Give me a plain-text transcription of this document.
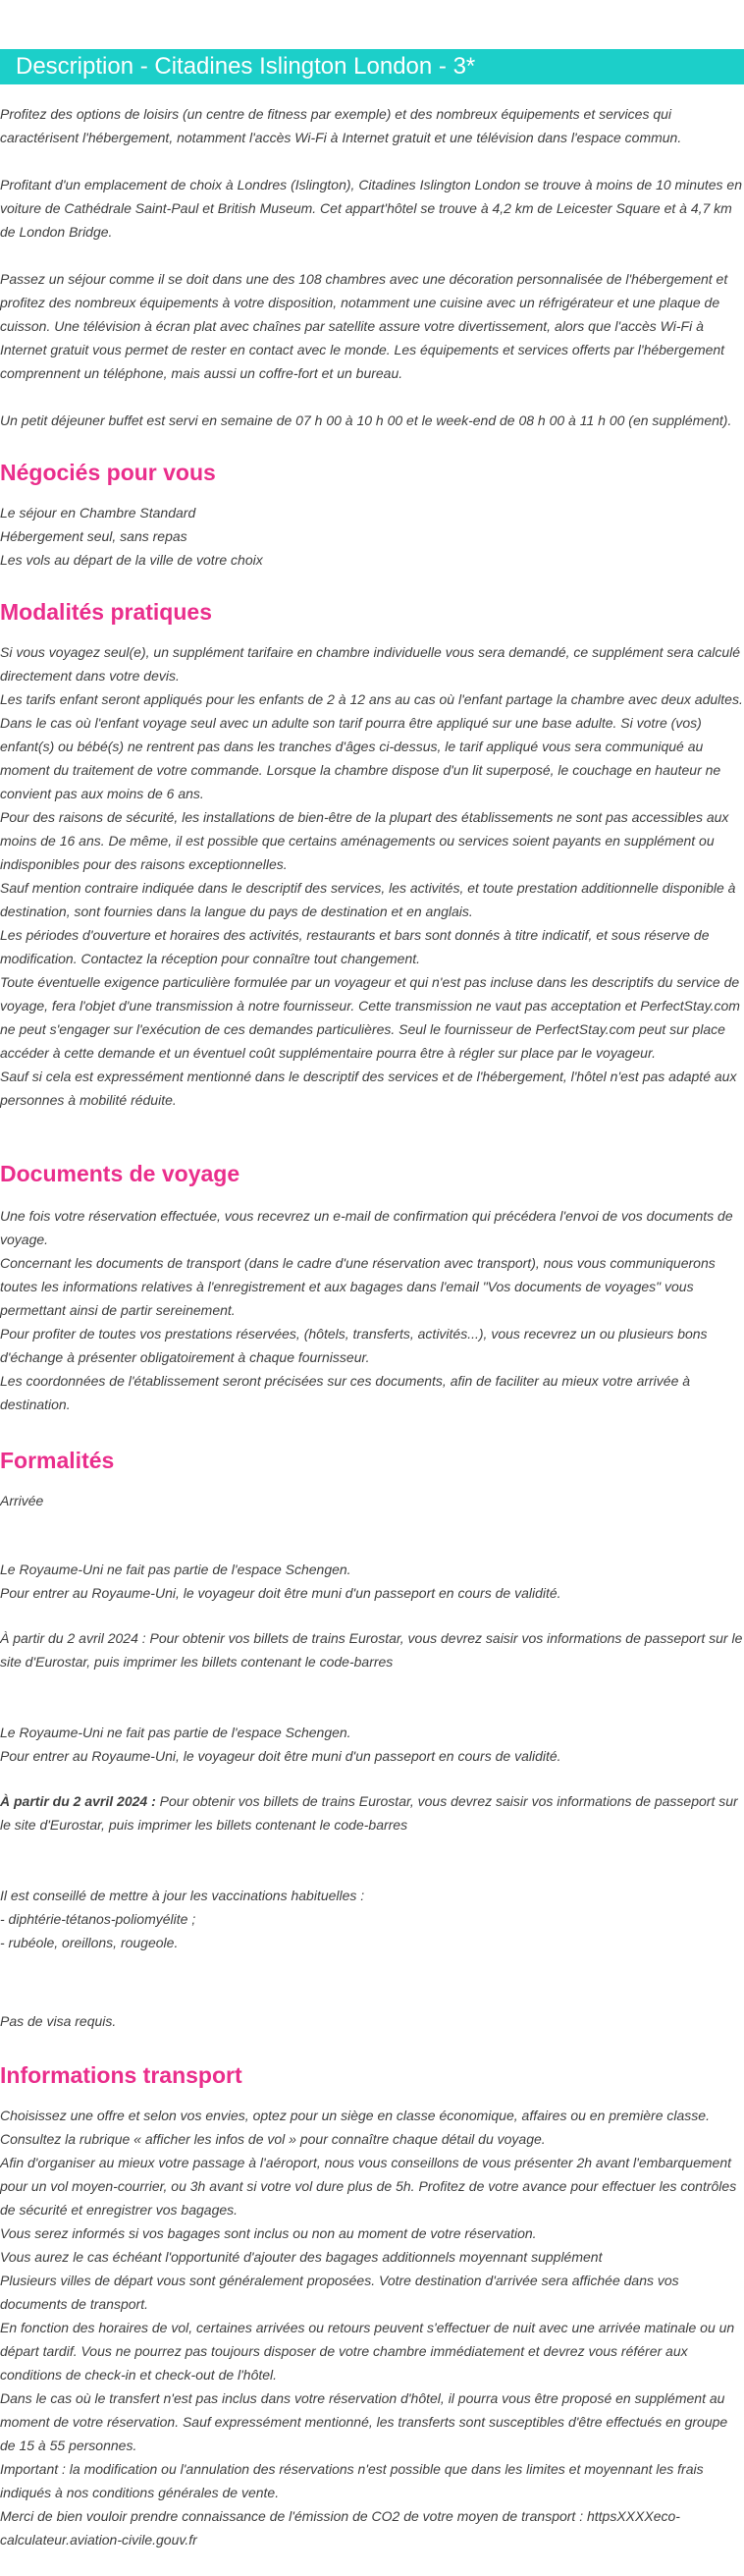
Description - Citadines Islington London - 3*

Profitez des options de loisirs (un centre de fitness par exemple) et des nombreux équipements et services qui caractérisent l'hébergement, notamment l'accès Wi-Fi à Internet gratuit et une télévision dans l'espace commun.

Profitant d'un emplacement de choix à Londres (Islington), Citadines Islington London se trouve à moins de 10 minutes en voiture de Cathédrale Saint-Paul et British Museum. Cet appart'hôtel se trouve à 4,2 km de Leicester Square et à 4,7 km de London Bridge.

Passez un séjour comme il se doit dans une des 108 chambres avec une décoration personnalisée de l'hébergement et profitez des nombreux équipements à votre disposition, notamment une cuisine avec un réfrigérateur et une plaque de cuisson. Une télévision à écran plat avec chaînes par satellite assure votre divertissement, alors que l'accès Wi-Fi à Internet gratuit vous permet de rester en contact avec le monde. Les équipements et services offerts par l'hébergement comprennent un téléphone, mais aussi un coffre-fort et un bureau.

Un petit déjeuner buffet est servi en semaine de 07 h 00 à 10 h 00 et le week-end de 08 h 00 à 11 h 00 (en supplément).

Négociés pour vous

Le séjour en Chambre Standard
Hébergement seul, sans repas
Les vols au départ de la ville de votre choix

Modalités pratiques

Si vous voyagez seul(e), un supplément tarifaire en chambre individuelle vous sera demandé, ce supplément sera calculé directement dans votre devis.
Les tarifs enfant seront appliqués pour les enfants de 2 à 12 ans au cas où l'enfant partage la chambre avec deux adultes. Dans le cas où l'enfant voyage seul avec un adulte son tarif pourra être appliqué sur une base adulte. Si votre (vos) enfant(s) ou bébé(s) ne rentrent pas dans les tranches d'âges ci-dessus, le tarif appliqué vous sera communiqué au moment du traitement de votre commande. Lorsque la chambre dispose d'un lit superposé, le couchage en hauteur ne convient pas aux moins de 6 ans.
Pour des raisons de sécurité, les installations de bien-être de la plupart des établissements ne sont pas accessibles aux moins de 16 ans. De même, il est possible que certains aménagements ou services soient payants en supplément ou indisponibles pour des raisons exceptionnelles.
Sauf mention contraire indiquée dans le descriptif des services, les activités, et toute prestation additionnelle disponible à destination, sont fournies dans la langue du pays de destination et en anglais.
Les périodes d'ouverture et horaires des activités, restaurants et bars sont donnés à titre indicatif, et sous réserve de modification. Contactez la réception pour connaître tout changement.
Toute éventuelle exigence particulière formulée par un voyageur et qui n'est pas incluse dans les descriptifs du service de voyage, fera l'objet d'une transmission à notre fournisseur. Cette transmission ne vaut pas acceptation et PerfectStay.com ne peut s'engager sur l'exécution de ces demandes particulières. Seul le fournisseur de PerfectStay.com peut sur place accéder à cette demande et un éventuel coût supplémentaire pourra être à régler sur place par le voyageur.
Sauf si cela est expressément mentionné dans le descriptif des services et de l'hébergement, l'hôtel n'est pas adapté aux personnes à mobilité réduite.

Documents de voyage

Une fois votre réservation effectuée, vous recevrez un e-mail de confirmation qui précédera l'envoi de vos documents de voyage.
Concernant les documents de transport (dans le cadre d'une réservation avec transport), nous vous communiquerons toutes les informations relatives à l'enregistrement et aux bagages dans l'email "Vos documents de voyages" vous permettant ainsi de partir sereinement.
Pour profiter de toutes vos prestations réservées, (hôtels, transferts, activités...), vous recevrez un ou plusieurs bons d'échange à présenter obligatoirement à chaque fournisseur.
Les coordonnées de l'établissement seront précisées sur ces documents, afin de faciliter au mieux votre arrivée à destination.

Formalités

Arrivée

Le Royaume-Uni ne fait pas partie de l'espace Schengen.
Pour entrer au Royaume-Uni, le voyageur doit être muni d'un passeport en cours de validité.

À partir du 2 avril 2024 : Pour obtenir vos billets de trains Eurostar, vous devrez saisir vos informations de passeport sur le site d'Eurostar, puis imprimer les billets contenant le code-barres

Le Royaume-Uni ne fait pas partie de l'espace Schengen.
Pour entrer au Royaume-Uni, le voyageur doit être muni d'un passeport en cours de validité.

À partir du 2 avril 2024 : Pour obtenir vos billets de trains Eurostar, vous devrez saisir vos informations de passeport sur le site d'Eurostar, puis imprimer les billets contenant le code-barres

Il est conseillé de mettre à jour les vaccinations habituelles :
- diphtérie-tétanos-poliomyélite ;
- rubéole, oreillons, rougeole.

Pas de visa requis.

Informations transport

Choisissez une offre et selon vos envies, optez pour un siège en classe économique, affaires ou en première classe. Consultez la rubrique « afficher les infos de vol » pour connaître chaque détail du voyage.
Afin d'organiser au mieux votre passage à l'aéroport, nous vous conseillons de vous présenter 2h avant l'embarquement pour un vol moyen-courrier, ou 3h avant si votre vol dure plus de 5h. Profitez de votre avance pour effectuer les contrôles de sécurité et enregistrer vos bagages.
Vous serez informés si vos bagages sont inclus ou non au moment de votre réservation.
Vous aurez le cas échéant l'opportunité d'ajouter des bagages additionnels moyennant supplément
Plusieurs villes de départ vous sont généralement proposées. Votre destination d'arrivée sera affichée dans vos documents de transport.
En fonction des horaires de vol, certaines arrivées ou retours peuvent s'effectuer de nuit avec une arrivée matinale ou un départ tardif. Vous ne pourrez pas toujours disposer de votre chambre immédiatement et devrez vous référer aux conditions de check-in et check-out de l'hôtel.
Dans le cas où le transfert n'est pas inclus dans votre réservation d'hôtel, il pourra vous être proposé en supplément au moment de votre réservation. Sauf expressément mentionné, les transferts sont susceptibles d'être effectués en groupe de 15 à 55 personnes.
Important : la modification ou l'annulation des réservations n'est possible que dans les limites et moyennant les frais indiqués à nos conditions générales de vente.
Merci de bien vouloir prendre connaissance de l'émission de CO2 de votre moyen de transport : httpsXXXXeco-calculateur.aviation-civile.gouv.fr
